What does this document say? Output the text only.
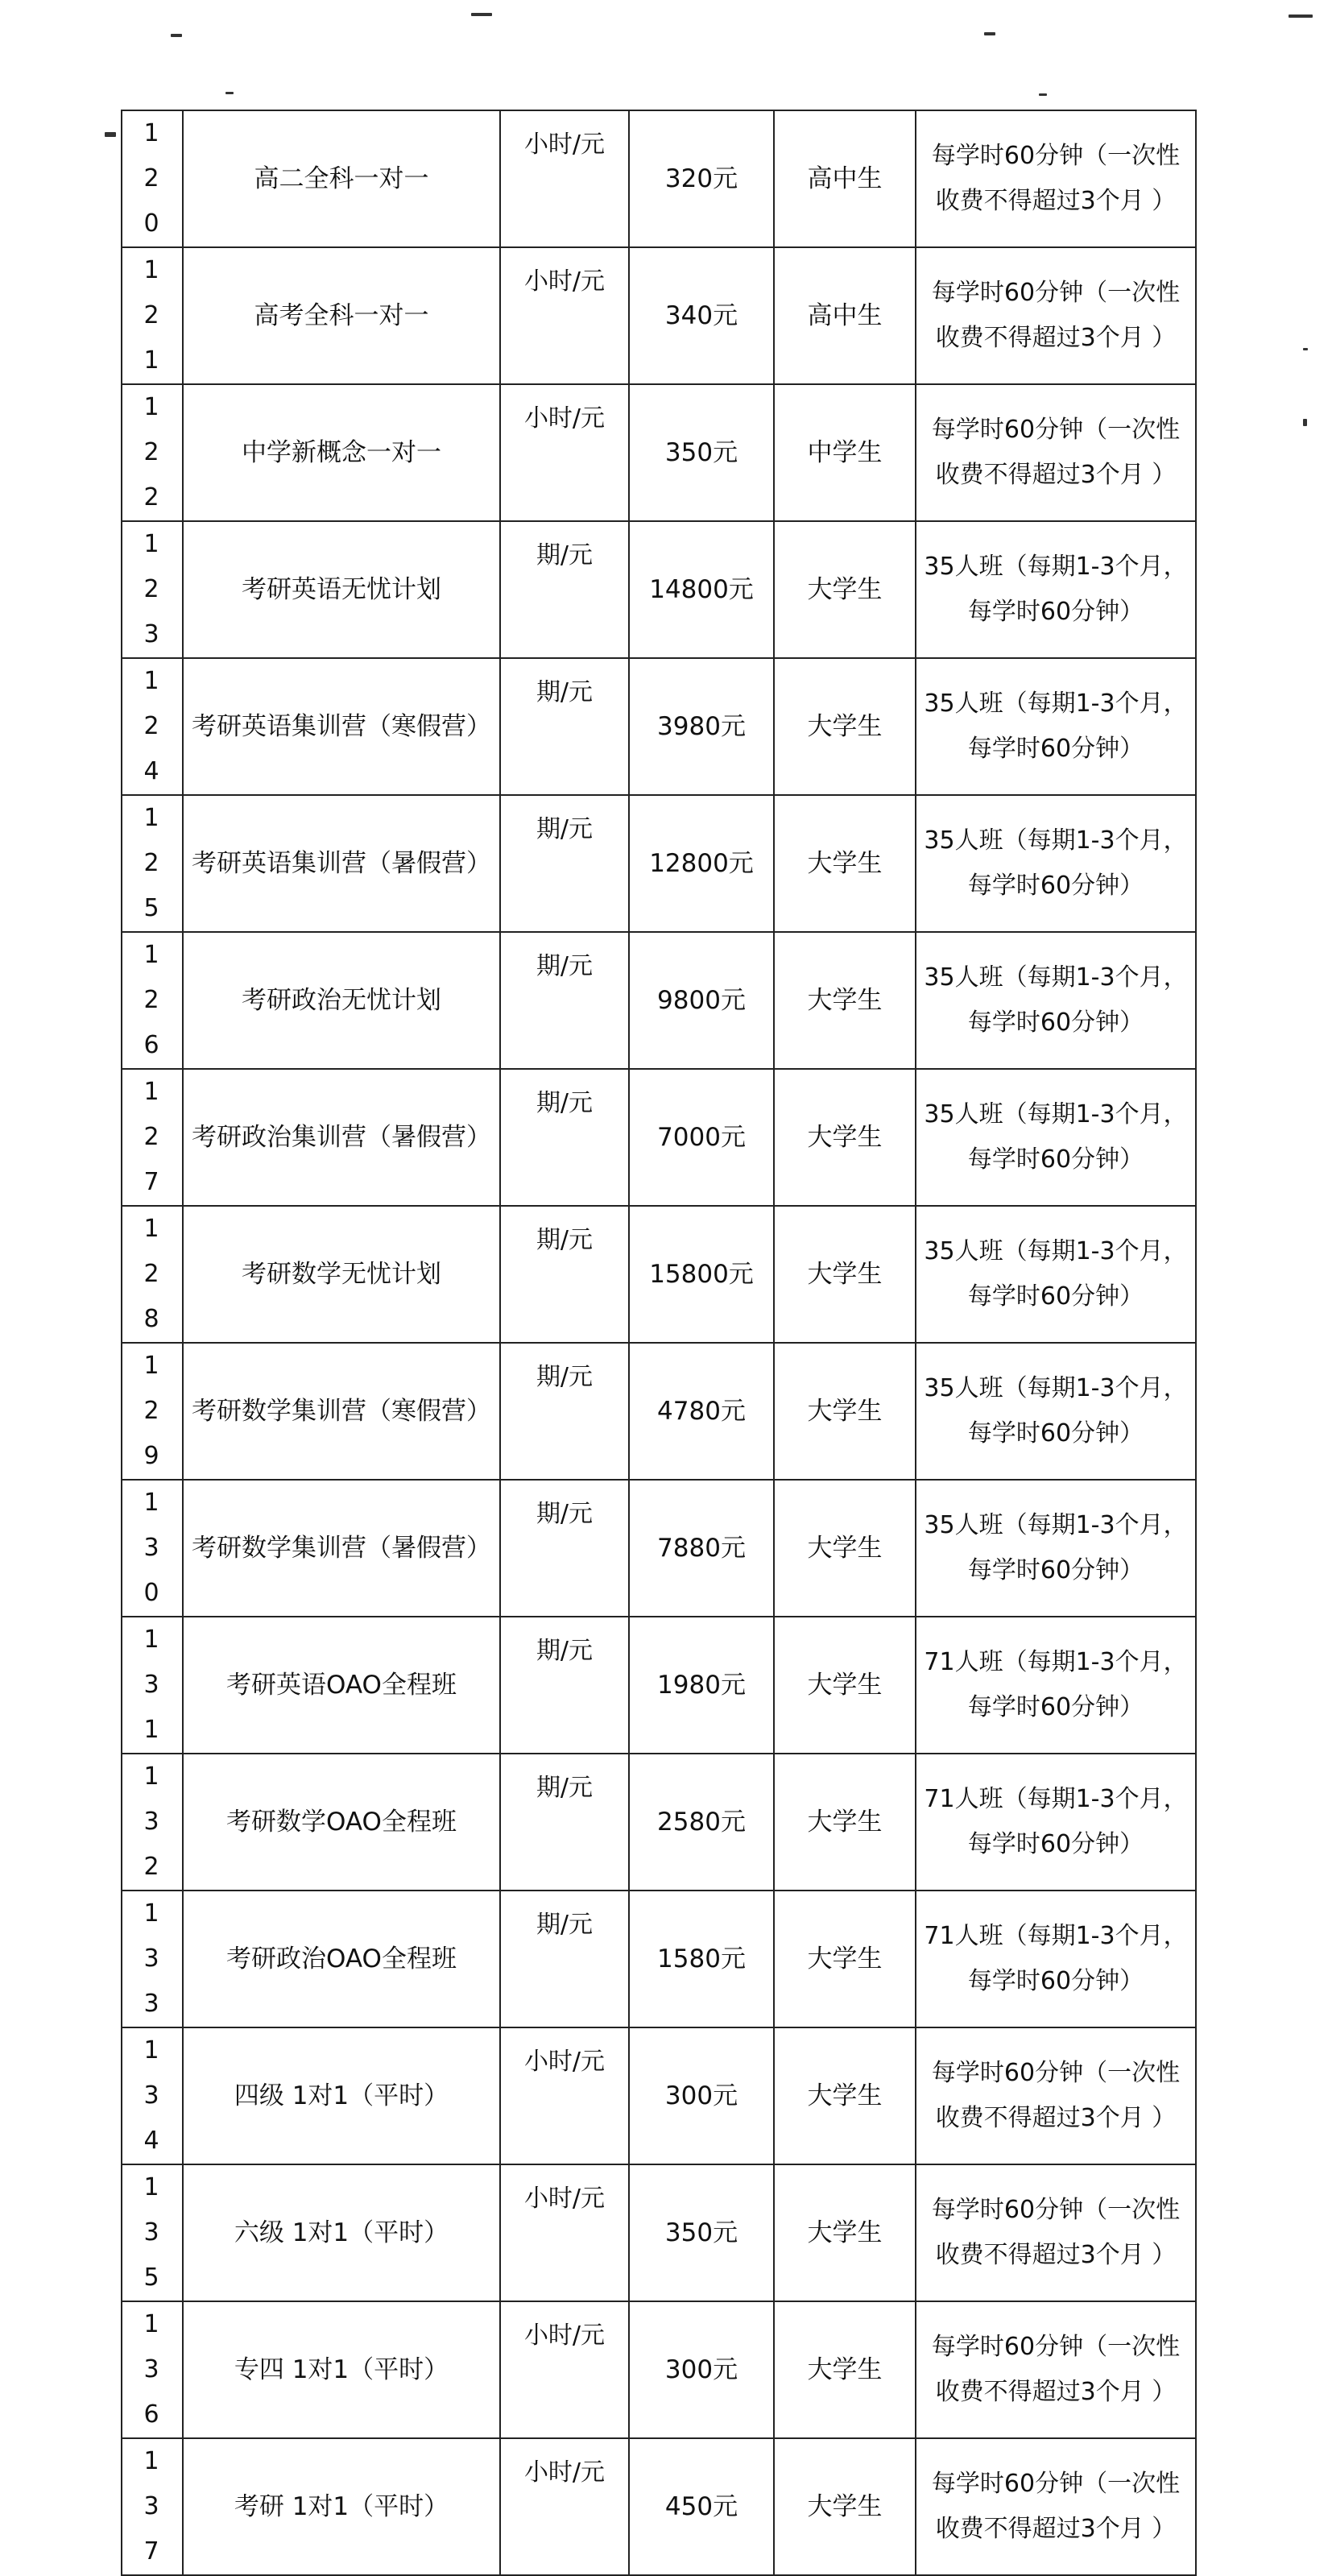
120	高二全科一对一	小时/元	320元	高中生	每学时60分钟（一次性收费不得超过3个月 ）

121	高考全科一对一	小时/元	340元	高中生	每学时60分钟（一次性收费不得超过3个月 ）

122	中学新概念一对一	小时/元	350元	中学生	每学时60分钟（一次性收费不得超过3个月 ）

123	考研英语无忧计划	期/元	14800元	大学生	35人班（每期1-3个月，每学时60分钟）

124	考研英语集训营（寒假营）	期/元	3980元	大学生	35人班（每期1-3个月，每学时60分钟）

125	考研英语集训营（暑假营）	期/元	12800元	大学生	35人班（每期1-3个月，每学时60分钟）

126	考研政治无忧计划	期/元	9800元	大学生	35人班（每期1-3个月，每学时60分钟）

127	考研政治集训营（暑假营）	期/元	7000元	大学生	35人班（每期1-3个月，每学时60分钟）

128	考研数学无忧计划	期/元	15800元	大学生	35人班（每期1-3个月，每学时60分钟）

129	考研数学集训营（寒假营）	期/元	4780元	大学生	35人班（每期1-3个月，每学时60分钟）

130	考研数学集训营（暑假营）	期/元	7880元	大学生	35人班（每期1-3个月，每学时60分钟）

131	考研英语OAO全程班	期/元	1980元	大学生	71人班（每期1-3个月，每学时60分钟）

132	考研数学OAO全程班	期/元	2580元	大学生	71人班（每期1-3个月，每学时60分钟）

133	考研政治OAO全程班	期/元	1580元	大学生	71人班（每期1-3个月，每学时60分钟）

134	四级 1对1（平时）	小时/元	300元	大学生	每学时60分钟（一次性收费不得超过3个月 ）

135	六级 1对1（平时）	小时/元	350元	大学生	每学时60分钟（一次性收费不得超过3个月 ）

136	专四 1对1（平时）	小时/元	300元	大学生	每学时60分钟（一次性收费不得超过3个月 ）

137	考研 1对1（平时）	小时/元	450元	大学生	每学时60分钟（一次性收费不得超过3个月 ）
